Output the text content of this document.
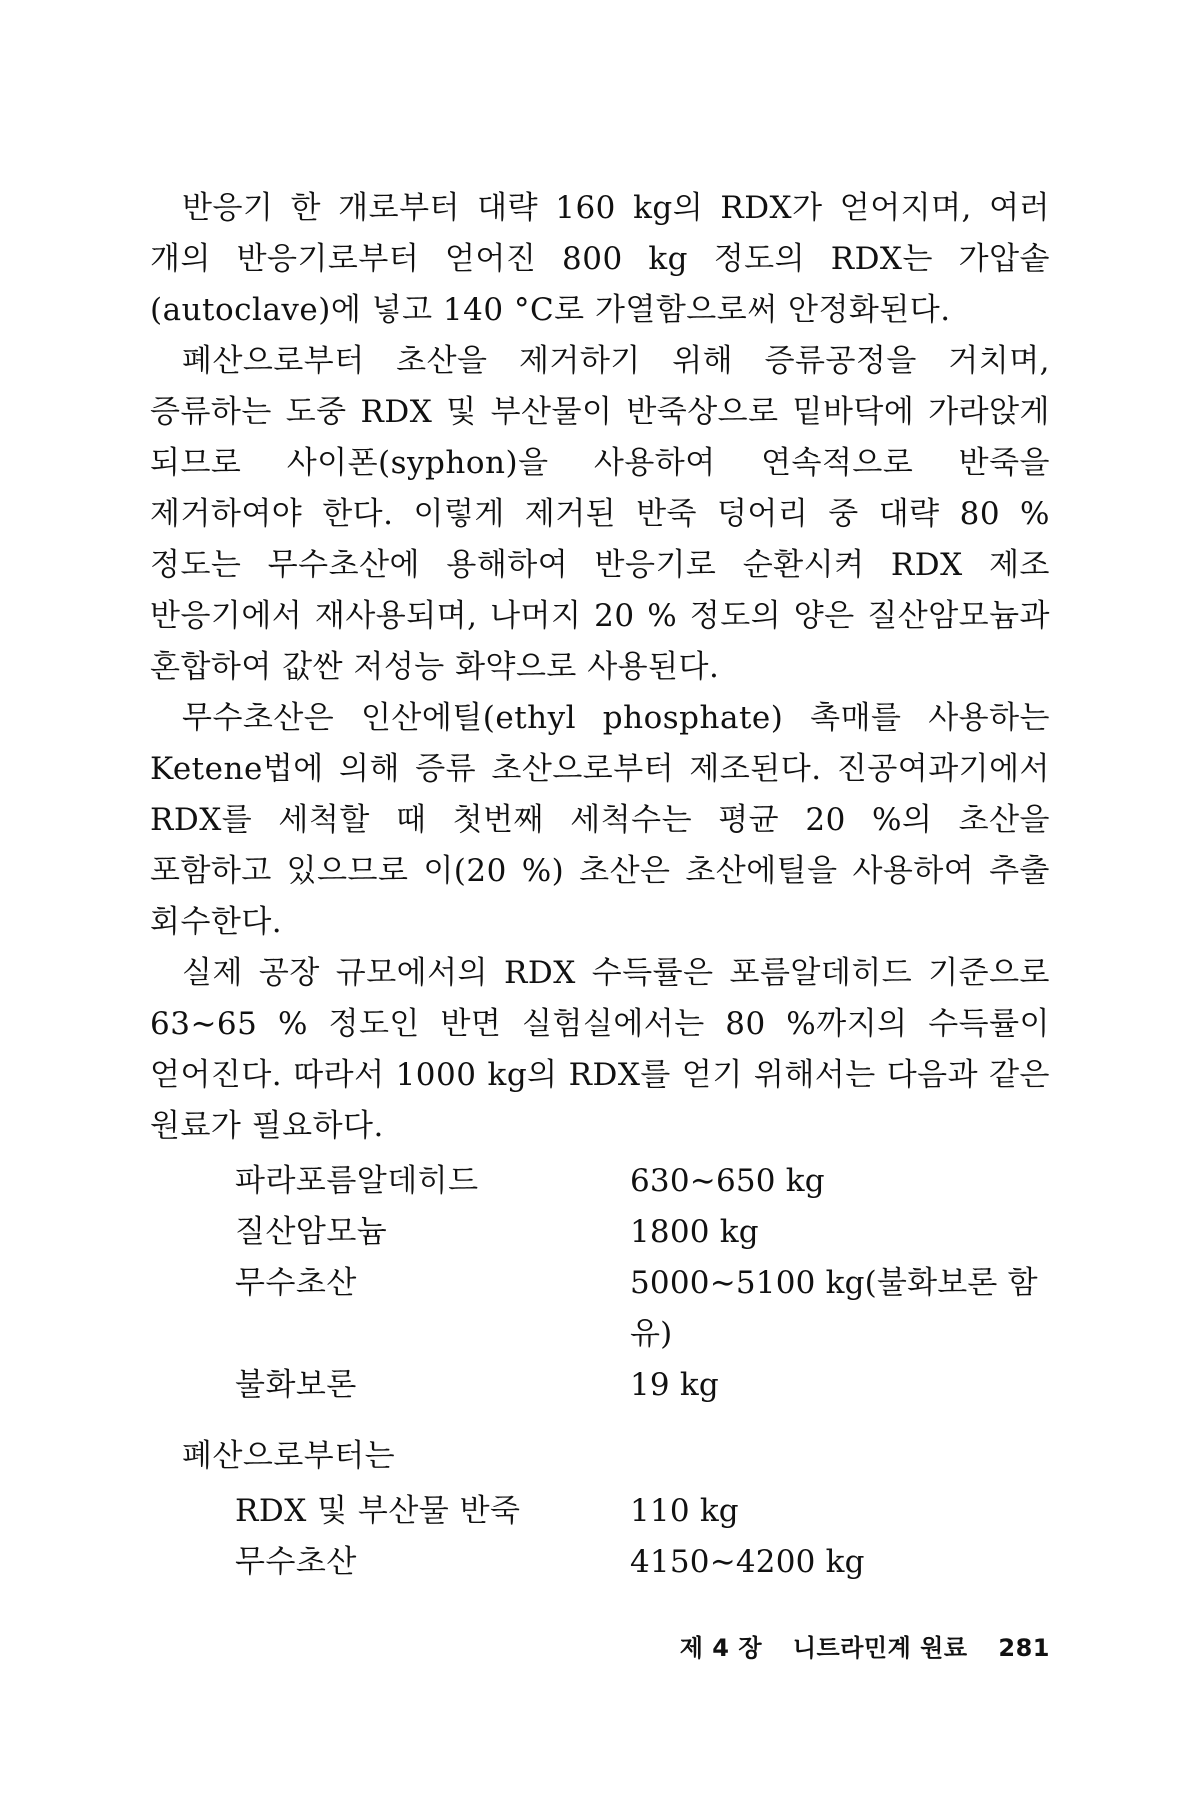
반응기 한 개로부터 대략 160 kg의 RDX가 얻어지며, 여러 개의 반응기로부터 얻어진 800 kg 정도의 RDX는 가압솥(autoclave)에 넣고 140 °C로 가열함으로써 안정화된다.

폐산으로부터 초산을 제거하기 위해 증류공정을 거치며, 증류하는 도중 RDX 및 부산물이 반죽상으로 밑바닥에 가라앉게 되므로 사이폰(syphon)을 사용하여 연속적으로 반죽을 제거하여야 한다. 이렇게 제거된 반죽 덩어리 중 대략 80 % 정도는 무수초산에 용해하여 반응기로 순환시켜 RDX 제조 반응기에서 재사용되며, 나머지 20 % 정도의 양은 질산암모늄과 혼합하여 값싼 저성능 화약으로 사용된다.

무수초산은 인산에틸(ethyl phosphate) 촉매를 사용하는 Ketene법에 의해 증류 초산으로부터 제조된다. 진공여과기에서 RDX를 세척할 때 첫번째 세척수는 평균 20 %의 초산을 포함하고 있으므로 이(20 %) 초산은 초산에틸을 사용하여 추출 회수한다.

실제 공장 규모에서의 RDX 수득률은 포름알데히드 기준으로 63∼65 % 정도인 반면 실험실에서는 80 %까지의 수득률이 얻어진다. 따라서 1000 kg의 RDX를 얻기 위해서는 다음과 같은 원료가 필요하다.

파라포름알데히드	630∼650 kg
질산암모늄	1800 kg
무수초산	5000∼5100 kg(불화보론 함유)
불화보론	19 kg
폐산으로부터는
RDX 및 부산물 반죽	110 kg
무수초산	4150∼4200 kg
제 4 장 니트라민계 원료 281
